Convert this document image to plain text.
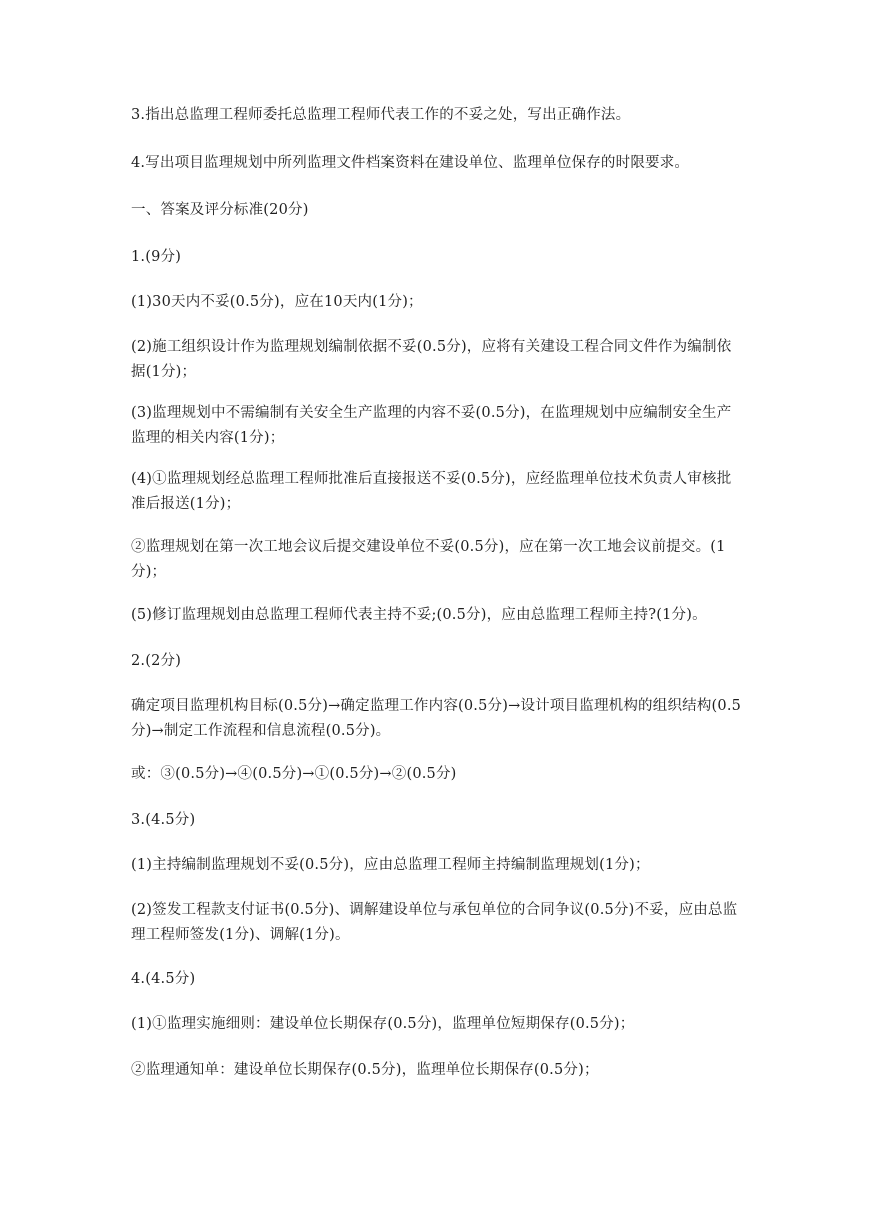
3.指出总监理工程师委托总监理工程师代表工作的不妥之处，写出正确作法。

4.写出项目监理规划中所列监理文件档案资料在建设单位、监理单位保存的时限要求。

一、答案及评分标准(20分)

1.(9分)

(1)30天内不妥(0.5分)，应在10天内(1分)；

(2)施工组织设计作为监理规划编制依据不妥(0.5分)，应将有关建设工程合同文件作为编制依据(1分)；

(3)监理规划中不需编制有关安全生产监理的内容不妥(0.5分)，在监理规划中应编制安全生产监理的相关内容(1分)；

(4)①监理规划经总监理工程师批准后直接报送不妥(0.5分)，应经监理单位技术负责人审核批准后报送(1分)；

②监理规划在第一次工地会议后提交建设单位不妥(0.5分)，应在第一次工地会议前提交。(1分)；

(5)修订监理规划由总监理工程师代表主持不妥;(0.5分)，应由总监理工程师主持?(1分)。

2.(2分)

确定项目监理机构目标(0.5分)→确定监理工作内容(0.5分)→设计项目监理机构的组织结构(0.5分)→制定工作流程和信息流程(0.5分)。

或：③(0.5分)→④(0.5分)→①(0.5分)→②(0.5分)

3.(4.5分)

(1)主持编制监理规划不妥(0.5分)，应由总监理工程师主持编制监理规划(1分)；

(2)签发工程款支付证书(0.5分)、调解建设单位与承包单位的合同争议(0.5分)不妥，应由总监理工程师签发(1分)、调解(1分)。

4.(4.5分)

(1)①监理实施细则：建设单位长期保存(0.5分)，监理单位短期保存(0.5分)；

②监理通知单：建设单位长期保存(0.5分)，监理单位长期保存(0.5分)；
